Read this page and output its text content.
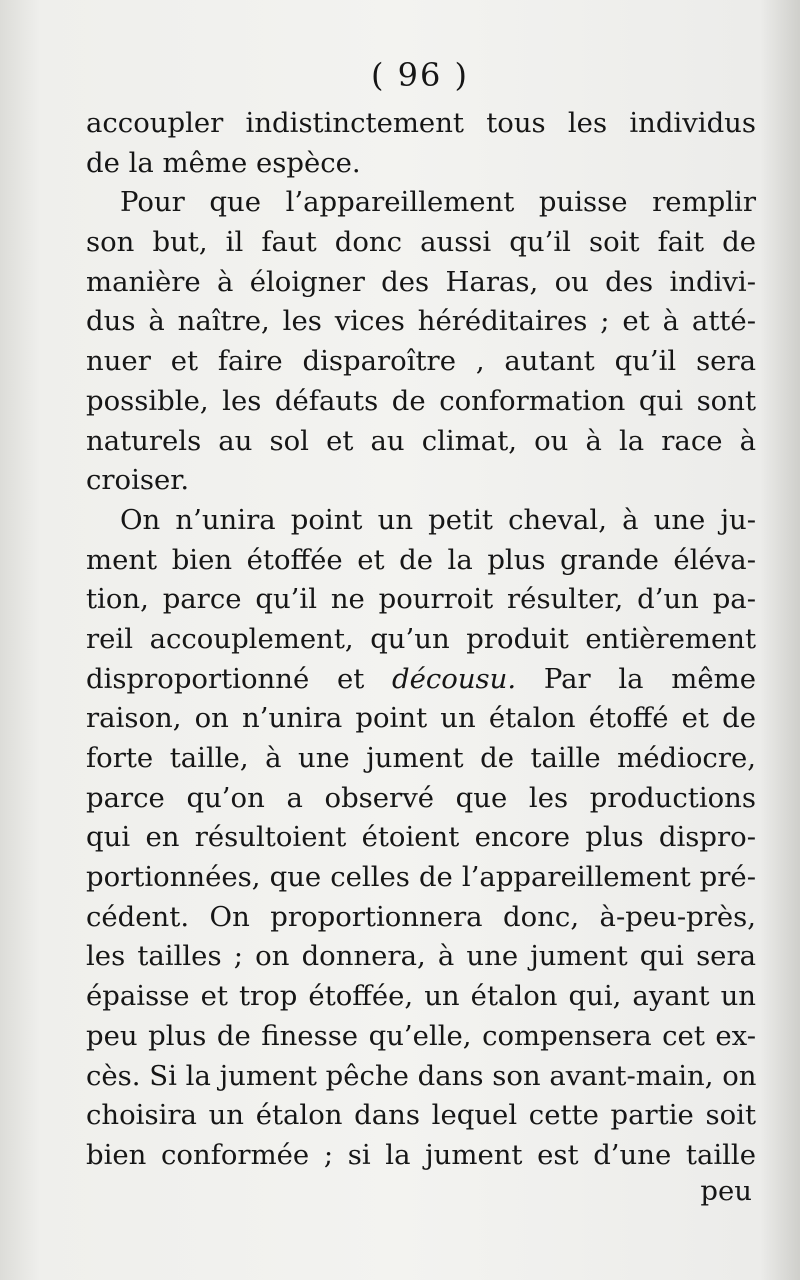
( 96 )
accoupler indistinctement tous les individus
de la même espèce.
Pour que l’appareillement puisse remplir
son but, il faut donc aussi qu’il soit fait de
manière à éloigner des Haras, ou des indivi-
dus à naître, les vices héréditaires ; et à atté-
nuer et faire disparoître , autant qu’il sera
possible, les défauts de conformation qui sont
naturels au sol et au climat, ou à la race à
croiser.
On n’unira point un petit cheval, à une ju-
ment bien étoffée et de la plus grande éléva-
tion, parce qu’il ne pourroit résulter, d’un pa-
reil accouplement, qu’un produit entièrement
disproportionné et décousu. Par la même
raison, on n’unira point un étalon étoffé et de
forte taille, à une jument de taille médiocre,
parce qu’on a observé que les productions
qui en résultoient étoient encore plus dispro-
portionnées, que celles de l’appareillement pré-
cédent. On proportionnera donc, à-peu-près,
les tailles ; on donnera, à une jument qui sera
épaisse et trop étoffée, un étalon qui, ayant un
peu plus de finesse qu’elle, compensera cet ex-
cès. Si la jument pêche dans son avant-main, on
choisira un étalon dans lequel cette partie soit
bien conformée ; si la jument est d’une taille
peu
